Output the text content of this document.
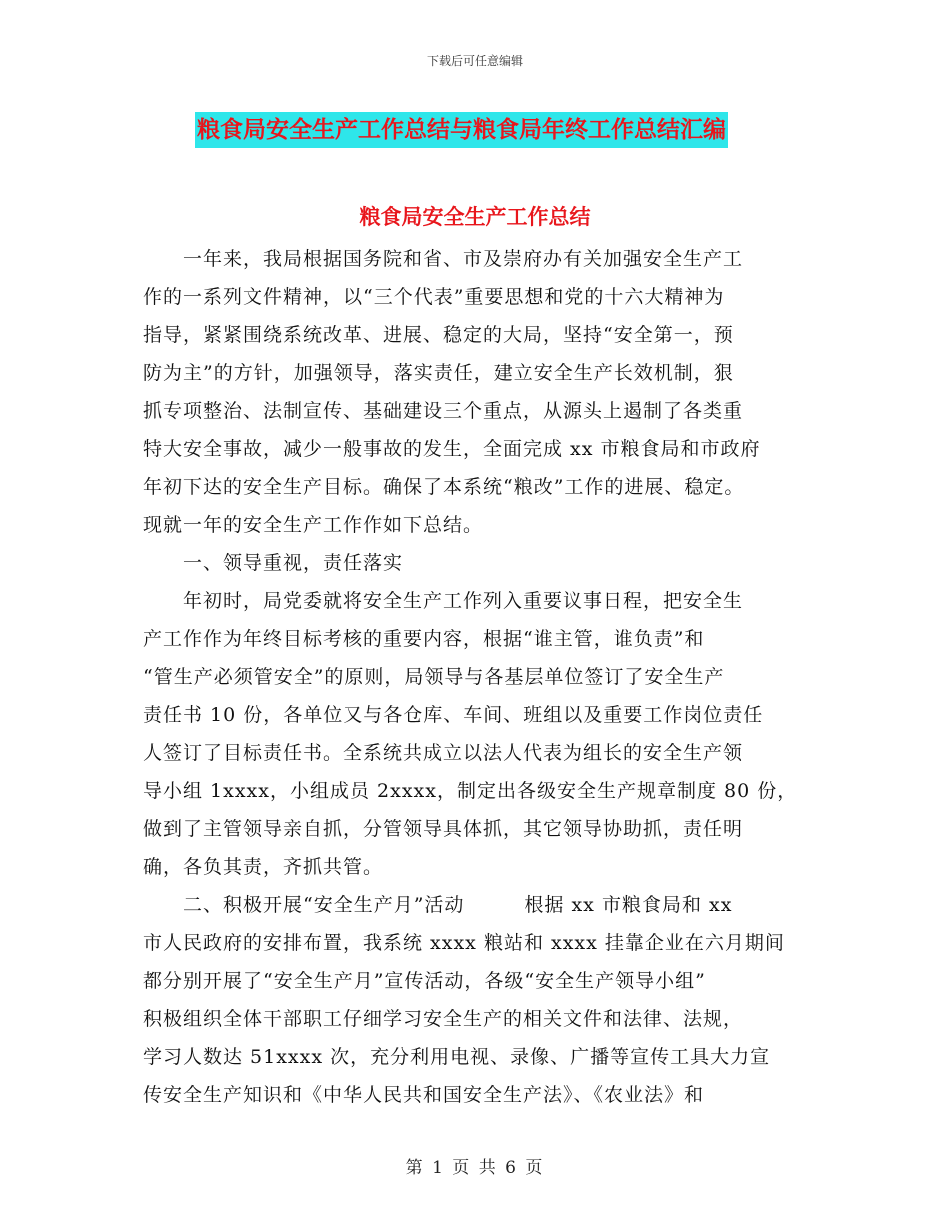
下载后可任意编辑
粮食局安全生产工作总结与粮食局年终工作总结汇编
粮食局安全生产工作总结
一年来，我局根据国务院和省、市及崇府办有关加强安全生产工
作的一系列文件精神，以“三个代表”重要思想和党的十六大精神为
指导，紧紧围绕系统改革、进展、稳定的大局，坚持“安全第一，预
防为主”的方针，加强领导，落实责任，建立安全生产长效机制，狠
抓专项整治、法制宣传、基础建设三个重点，从源头上遏制了各类重
特大安全事故，减少一般事故的发生，全面完成 xx 市粮食局和市政府
年初下达的安全生产目标。确保了本系统“粮改”工作的进展、稳定。
现就一年的安全生产工作作如下总结。
一、领导重视，责任落实
年初时，局党委就将安全生产工作列入重要议事日程，把安全生
产工作作为年终目标考核的重要内容，根据“谁主管，谁负责”和
“管生产必须管安全”的原则，局领导与各基层单位签订了安全生产
责任书 10 份，各单位又与各仓库、车间、班组以及重要工作岗位责任
人签订了目标责任书。全系统共成立以法人代表为组长的安全生产领
导小组 1xxxx，小组成员 2xxxx，制定出各级安全生产规章制度 80 份，
做到了主管领导亲自抓，分管领导具体抓，其它领导协助抓，责任明
确，各负其责，齐抓共管。
二、积极开展“安全生产月”活动　　　根据 xx 市粮食局和 xx
市人民政府的安排布置，我系统 xxxx 粮站和 xxxx 挂靠企业在六月期间
都分别开展了“安全生产月”宣传活动，各级“安全生产领导小组”
积极组织全体干部职工仔细学习安全生产的相关文件和法律、法规，
学习人数达 51xxxx 次，充分利用电视、录像、广播等宣传工具大力宣
传安全生产知识和《中华人民共和国安全生产法》、《农业法》和
第 1 页 共 6 页
